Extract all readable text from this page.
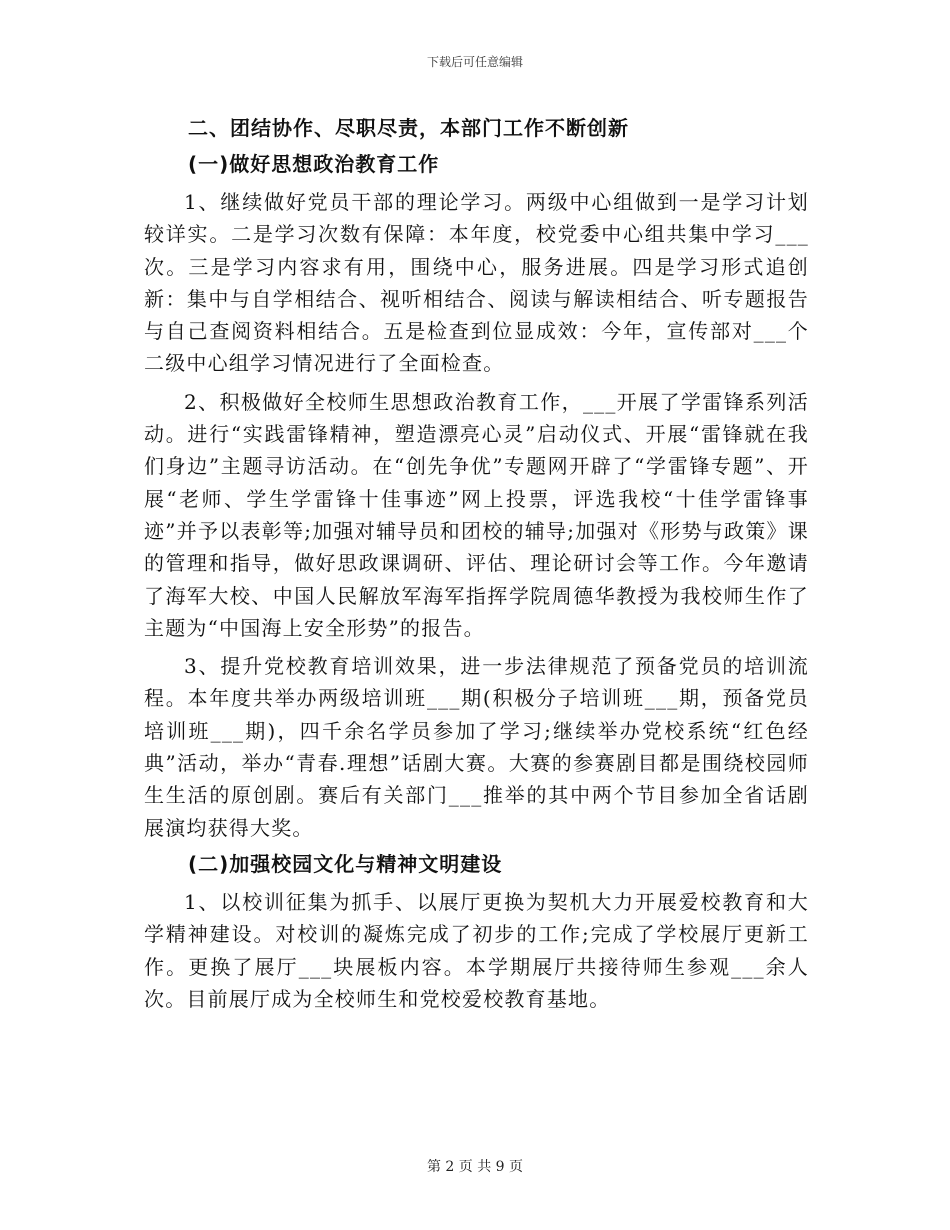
下载后可任意编辑
二、团结协作、尽职尽责，本部门工作不断创新
(一)做好思想政治教育工作

1、继续做好党员干部的理论学习。两级中心组做到一是学习计划较详实。二是学习次数有保障：本年度，校党委中心组共集中学习___次。三是学习内容求有用，围绕中心，服务进展。四是学习形式追创新：集中与自学相结合、视听相结合、阅读与解读相结合、听专题报告与自己查阅资料相结合。五是检查到位显成效：今年，宣传部对___个二级中心组学习情况进行了全面检查。

2、积极做好全校师生思想政治教育工作，___开展了学雷锋系列活动。进行“实践雷锋精神，塑造漂亮心灵”启动仪式、开展“雷锋就在我们身边”主题寻访活动。在“创先争优”专题网开辟了“学雷锋专题”、开展“老师、学生学雷锋十佳事迹”网上投票，评选我校“十佳学雷锋事迹”并予以表彰等;加强对辅导员和团校的辅导;加强对《形势与政策》课的管理和指导，做好思政课调研、评估、理论研讨会等工作。今年邀请了海军大校、中国人民解放军海军指挥学院周德华教授为我校师生作了主题为“中国海上安全形势”的报告。

3、提升党校教育培训效果，进一步法律规范了预备党员的培训流程。本年度共举办两级培训班___期(积极分子培训班___期，预备党员培训班___期)，四千余名学员参加了学习;继续举办党校系统“红色经典”活动，举办“青春.理想”话剧大赛。大赛的参赛剧目都是围绕校园师生生活的原创剧。赛后有关部门___推举的其中两个节目参加全省话剧展演均获得大奖。

(二)加强校园文化与精神文明建设

1、以校训征集为抓手、以展厅更换为契机大力开展爱校教育和大学精神建设。对校训的凝炼完成了初步的工作;完成了学校展厅更新工作。更换了展厅___块展板内容。本学期展厅共接待师生参观___余人次。目前展厅成为全校师生和党校爱校教育基地。

第 2 页 共 9 页
